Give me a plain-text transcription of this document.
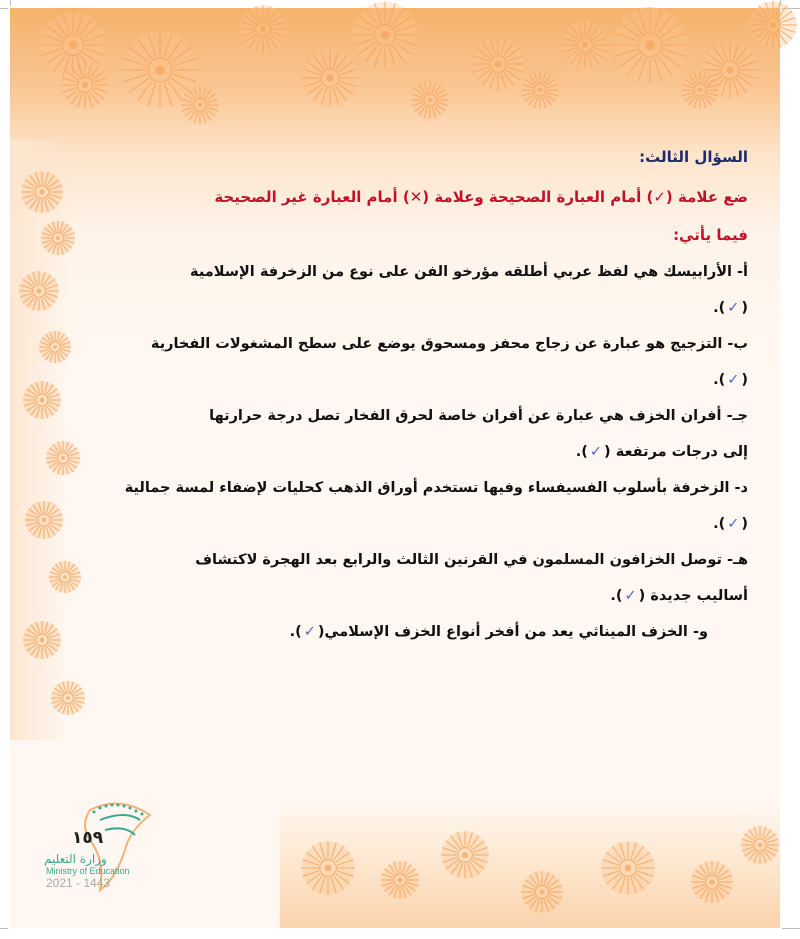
السؤال الثالث:
ضع علامة (✓) أمام العبارة الصحيحة وعلامة (✕) أمام العبارة غير الصحيحة
فيما يأتي:
أ- الأرابيسك هي لفظ عربي أطلقه مؤرخو الفن على نوع من الزخرفة الإسلامية
(✓).
ب- التزجيج هو عبارة عن زجاج محفز ومسحوق يوضع على سطح المشغولات الفخارية
(✓).
جـ- أفران الخزف هي عبارة عن أفران خاصة لحرق الفخار تصل درجة حرارتها
إلى درجات مرتفعة (✓).
د- الزخرفة بأسلوب الفسيفساء وفيها تستخدم أوراق الذهب كحليات لإضفاء لمسة جمالية
(✓).
هـ- توصل الخزافون المسلمون في القرنين الثالث والرابع بعد الهجرة لاكتشاف
أساليب جديدة (✓).
و- الخزف الميناثي يعد من أفخر أنواع الخزف الإسلامي(✓).
١٥٩
وزارة التعليم
Ministry of Education
2021 - 1443
